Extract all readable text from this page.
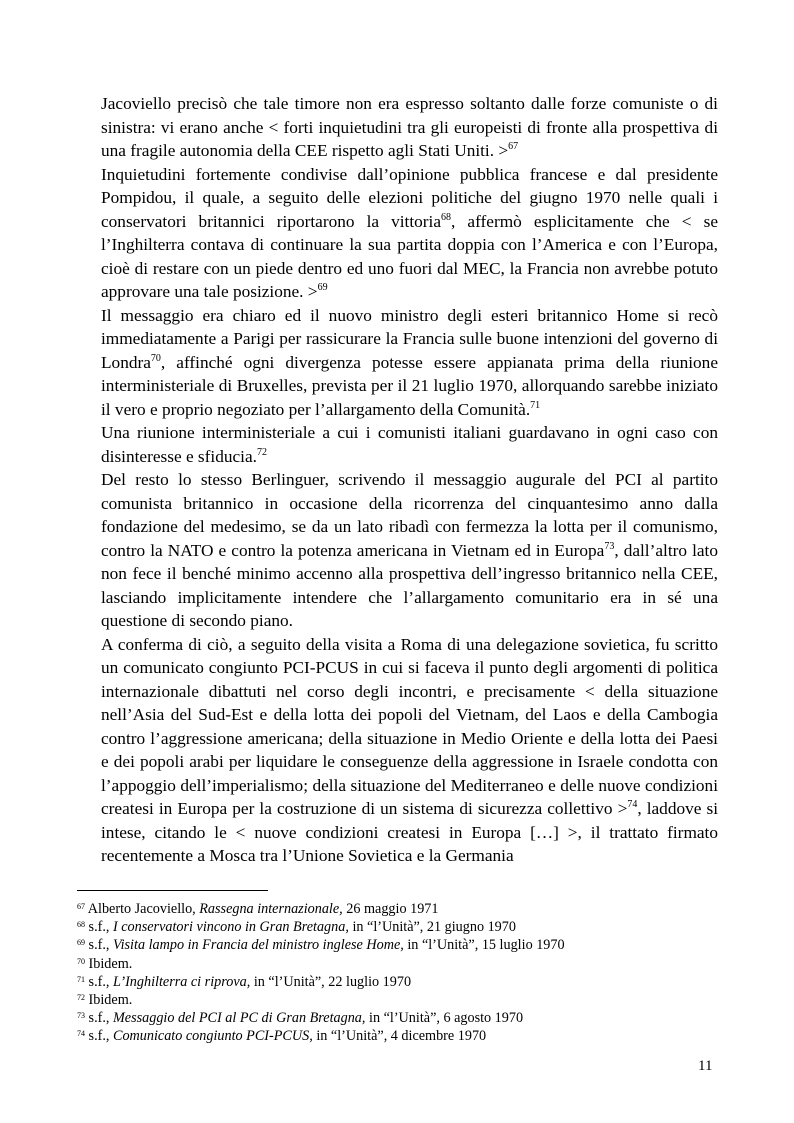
Jacoviello precisò che tale timore non era espresso soltanto dalle forze comuniste o di sinistra: vi erano anche < forti inquietudini tra gli europeisti di fronte alla prospettiva di una fragile autonomia della CEE rispetto agli Stati Uniti. >$^{67}$

Inquietudini fortemente condivise dall’opinione pubblica francese e dal presidente Pompidou, il quale, a seguito delle elezioni politiche del giugno 1970 nelle quali i conservatori britannici riportarono la vittoria$^{68}$, affermò esplicitamente che < se l’Inghilterra contava di continuare la sua partita doppia con l’America e con l’Europa, cioè di restare con un piede dentro ed uno fuori dal MEC, la Francia non avrebbe potuto approvare una tale posizione. >$^{69}$

Il messaggio era chiaro ed il nuovo ministro degli esteri britannico Home si recò immediatamente a Parigi per rassicurare la Francia sulle buone intenzioni del governo di Londra$^{70}$, affinché ogni divergenza potesse essere appianata prima della riunione interministeriale di Bruxelles, prevista per il 21 luglio 1970, allorquando sarebbe iniziato il vero e proprio negoziato per l’allargamento della Comunità.$^{71}$

Una riunione interministeriale a cui i comunisti italiani guardavano in ogni caso con disinteresse e sfiducia.$^{72}$

Del resto lo stesso Berlinguer, scrivendo il messaggio augurale del PCI al partito comunista britannico in occasione della ricorrenza del cinquantesimo anno dalla fondazione del medesimo, se da un lato ribadì con fermezza la lotta per il comunismo, contro la NATO e contro la potenza americana in Vietnam ed in Europa$^{73}$, dall’altro lato non fece il benché minimo accenno alla prospettiva dell’ingresso britannico nella CEE, lasciando implicitamente intendere che l’allargamento comunitario era in sé una questione di secondo piano.

A conferma di ciò, a seguito della visita a Roma di una delegazione sovietica, fu scritto un comunicato congiunto PCI-PCUS in cui si faceva il punto degli argomenti di politica internazionale dibattuti nel corso degli incontri, e precisamente < della situazione nell’Asia del Sud-Est e della lotta dei popoli del Vietnam, del Laos e della Cambogia contro l’aggressione americana; della situazione in Medio Oriente e della lotta dei Paesi e dei popoli arabi per liquidare le conseguenze della aggressione in Israele condotta con l’appoggio dell’imperialismo; della situazione del Mediterraneo e delle nuove condizioni createsi in Europa per la costruzione di un sistema di sicurezza collettivo >$^{74}$, laddove si intese, citando le < nuove condizioni createsi in Europa […] >, il trattato firmato recentemente a Mosca tra l’Unione Sovietica e la Germania

$^{67}$ Alberto Jacoviello, Rassegna internazionale, 26 maggio 1971
$^{68}$ s.f., I conservatori vincono in Gran Bretagna, in “l’Unità”, 21 giugno 1970
$^{69}$ s.f., Visita lampo in Francia del ministro inglese Home, in “l’Unità”, 15 luglio 1970
$^{70}$ Ibidem.
$^{71}$ s.f., L’Inghilterra ci riprova, in “l’Unità”, 22 luglio 1970
$^{72}$ Ibidem.
$^{73}$ s.f., Messaggio del PCI al PC di Gran Bretagna, in “l’Unità”, 6 agosto 1970
$^{74}$ s.f., Comunicato congiunto PCI-PCUS, in “l’Unità”, 4 dicembre 1970
11
